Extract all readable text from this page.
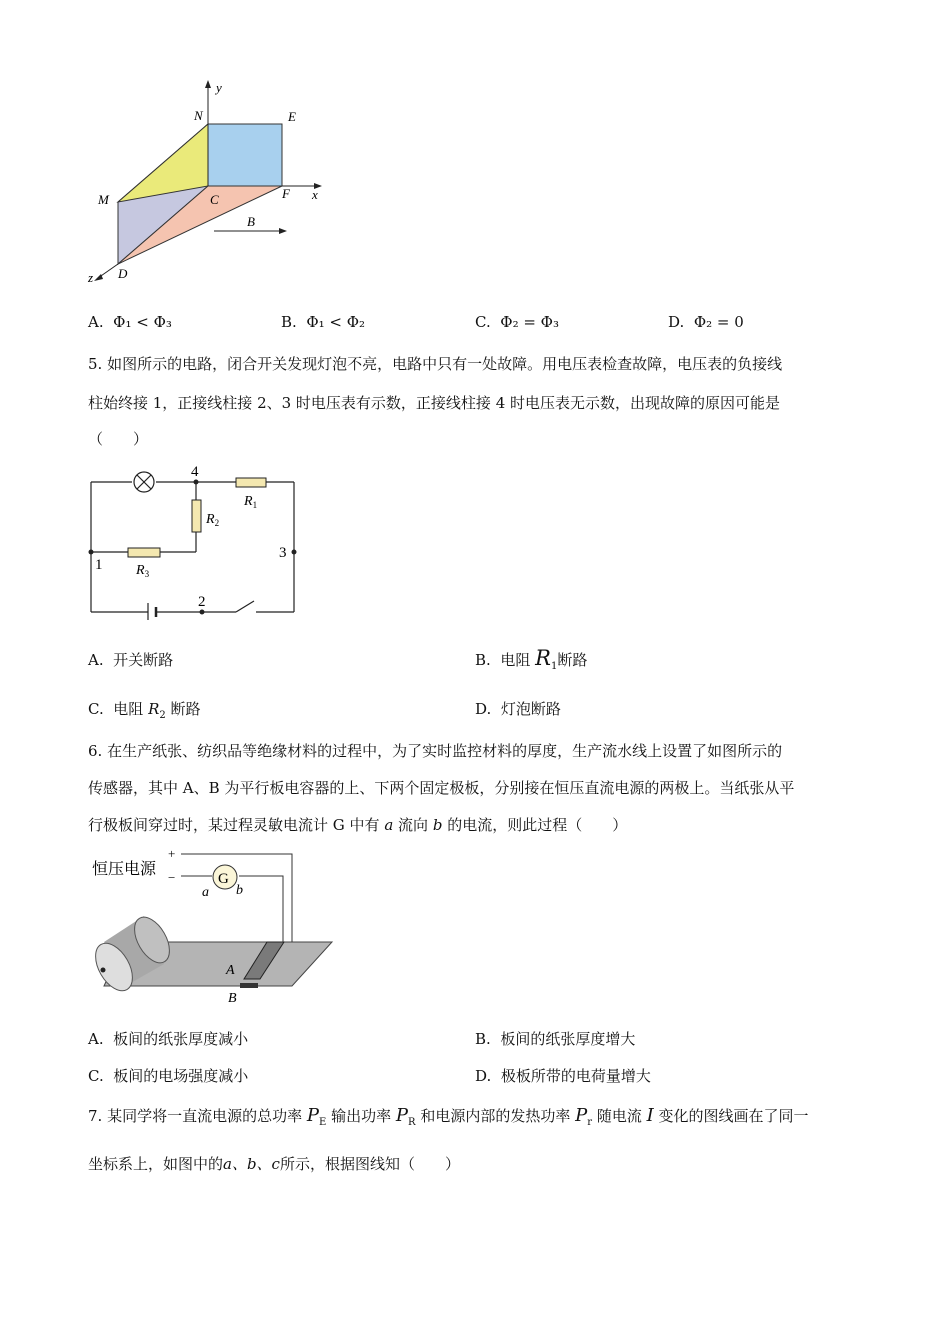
y
N	E
M	C	F x
B
D
z
A. Φ₁ < Φ₃	B. Φ₁ < Φ₂	C. Φ₂ = Φ₃	D. Φ₂ = 0
5. 如图所示的电路，闭合开关发现灯泡不亮，电路中只有一处故障。用电压表检查故障，电压表的负接线
柱始终接 1，正接线柱接 2、3 时电压表有示数，正接线柱接 4 时电压表无示数，出现故障的原因可能是
（　　）
4
1
3
2
$R_1$
$R_2$
$R_3$
A. 开关断路	B. 电阻 $R_1$断路
C. 电阻 $R_2$ 断路	D. 灯泡断路
6. 在生产纸张、纺织品等绝缘材料的过程中，为了实时监控材料的厚度，生产流水线上设置了如图所示的
传感器，其中 A、B 为平行板电容器的上、下两个固定极板，分别接在恒压直流电源的两极上。当纸张从平
行极板间穿过时，某过程灵敏电流计 G 中有 a 流向 b 的电流，则此过程（　　）
G
恒压电源
+
−
a b
A
B
A. 板间的纸张厚度减小	B. 板间的纸张厚度增大
C. 板间的电场强度减小	D. 极板所带的电荷量增大
7. 某同学将一直流电源的总功率 $P_E$ 输出功率 $P_R$ 和电源内部的发热功率 $P_r$ 随电流 I 变化的图线画在了同一
坐标系上，如图中的a、b、c所示，根据图线知（　　）
